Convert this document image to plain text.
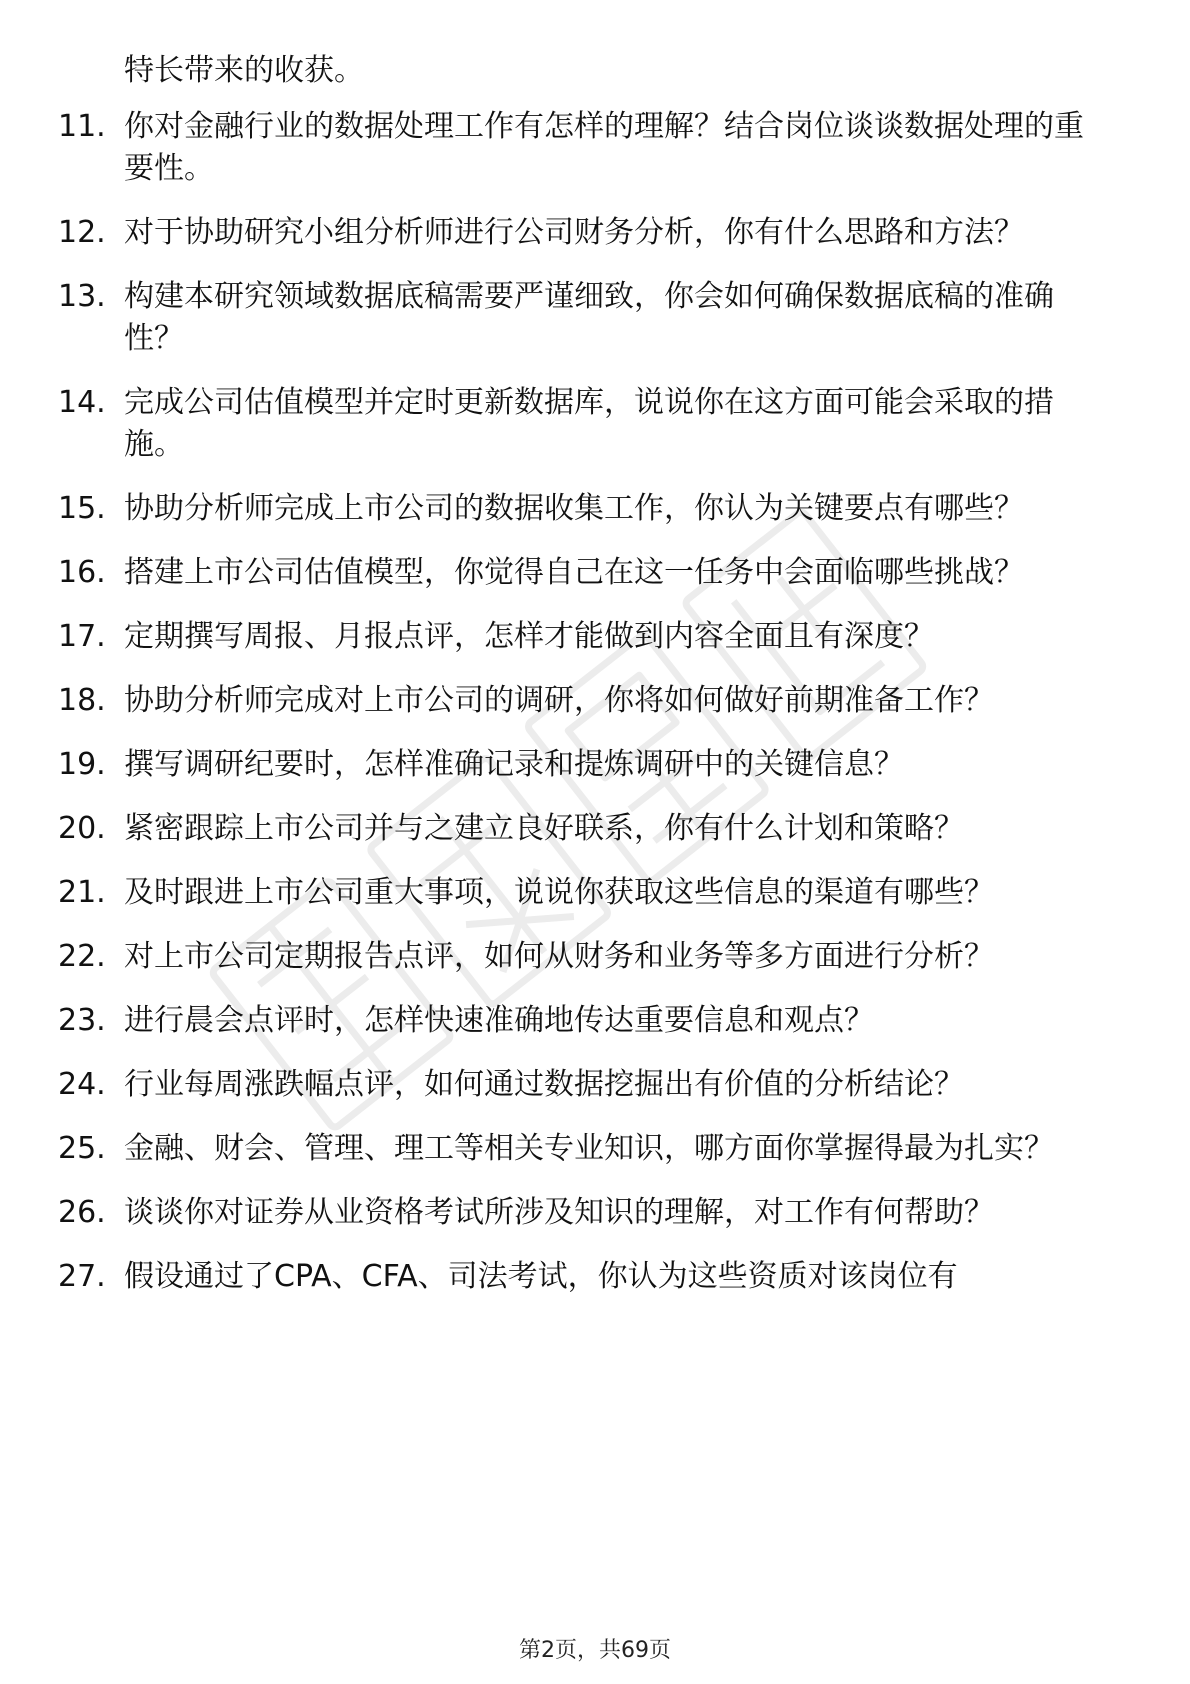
特长带来的收获。
11. 你对金融行业的数据处理工作有怎样的理解？结合岗位谈谈数据处理的重要性。
12. 对于协助研究小组分析师进行公司财务分析，你有什么思路和方法？
13. 构建本研究领域数据底稿需要严谨细致，你会如何确保数据底稿的准确性？
14. 完成公司估值模型并定时更新数据库，说说你在这方面可能会采取的措施。
15. 协助分析师完成上市公司的数据收集工作，你认为关键要点有哪些？
16. 搭建上市公司估值模型，你觉得自己在这一任务中会面临哪些挑战？
17. 定期撰写周报、月报点评，怎样才能做到内容全面且有深度？
18. 协助分析师完成对上市公司的调研，你将如何做好前期准备工作？
19. 撰写调研纪要时，怎样准确记录和提炼调研中的关键信息？
20. 紧密跟踪上市公司并与之建立良好联系，你有什么计划和策略？
21. 及时跟进上市公司重大事项，说说你获取这些信息的渠道有哪些？
22. 对上市公司定期报告点评，如何从财务和业务等多方面进行分析？
23. 进行晨会点评时，怎样快速准确地传达重要信息和观点？
24. 行业每周涨跌幅点评，如何通过数据挖掘出有价值的分析结论？
25. 金融、财会、管理、理工等相关专业知识，哪方面你掌握得最为扎实？
26. 谈谈你对证券从业资格考试所涉及知识的理解，对工作有何帮助？
27. 假设通过了CPA、CFA、司法考试，你认为这些资质对该岗位有
第2页，共69页
